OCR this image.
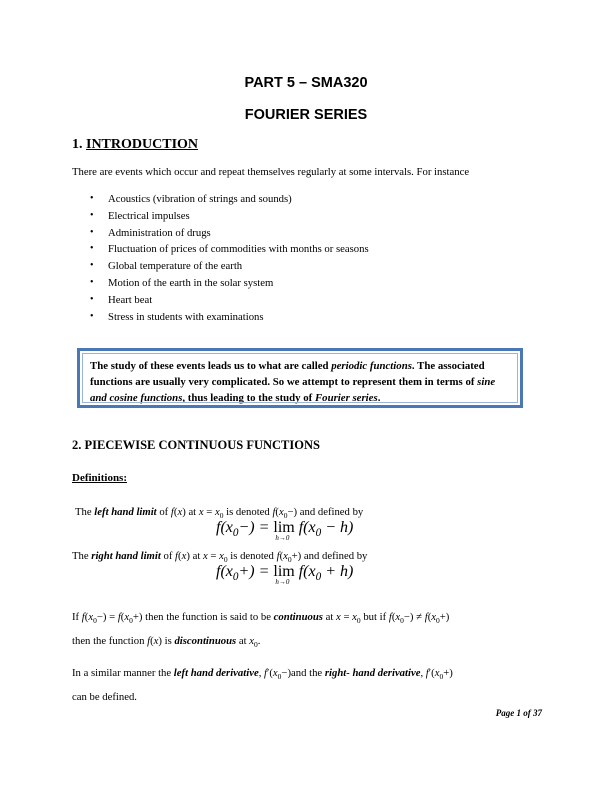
PART 5 – SMA320
FOURIER SERIES
1. INTRODUCTION

There are events which occur and repeat themselves regularly at some intervals. For instance

• Acoustics (vibration of strings and sounds)
• Electrical impulses
• Administration of drugs
• Fluctuation of prices of commodities with months or seasons
• Global temperature of the earth
• Motion of the earth in the solar system
• Heart beat
• Stress in students with examinations
The study of these events leads us to what are called periodic functions. The associated functions are usually very complicated. So we attempt to represent them in terms of sine and cosine functions, thus leading to the study of Fourier series.
2. PIECEWISE CONTINUOUS FUNCTIONS
Definitions:

The left hand limit of f(x) at $x = x_0$ is denoted $f(x_0-)$ and defined by

$f(x_0-) = \lim$
h→0
$f(x_0 - h)$

The right hand limit of f(x) at $x = x_0$ is denoted $f(x_0+)$ and defined by

$f(x_0+) = \lim$
h→0
$f(x_0 + h)$

If $f(x_0-) = f(x_0+)$ then the function is said to be continuous at $x = x_0$ but if $f(x_0-) \ne f(x_0+)$
then the function f(x) is discontinuous at $x_0$.

In a similar manner the left hand derivative, $f'(x_0-)and$ the right- hand derivative, $f'(x_0+)$
can be defined.

Page 1 of 37
